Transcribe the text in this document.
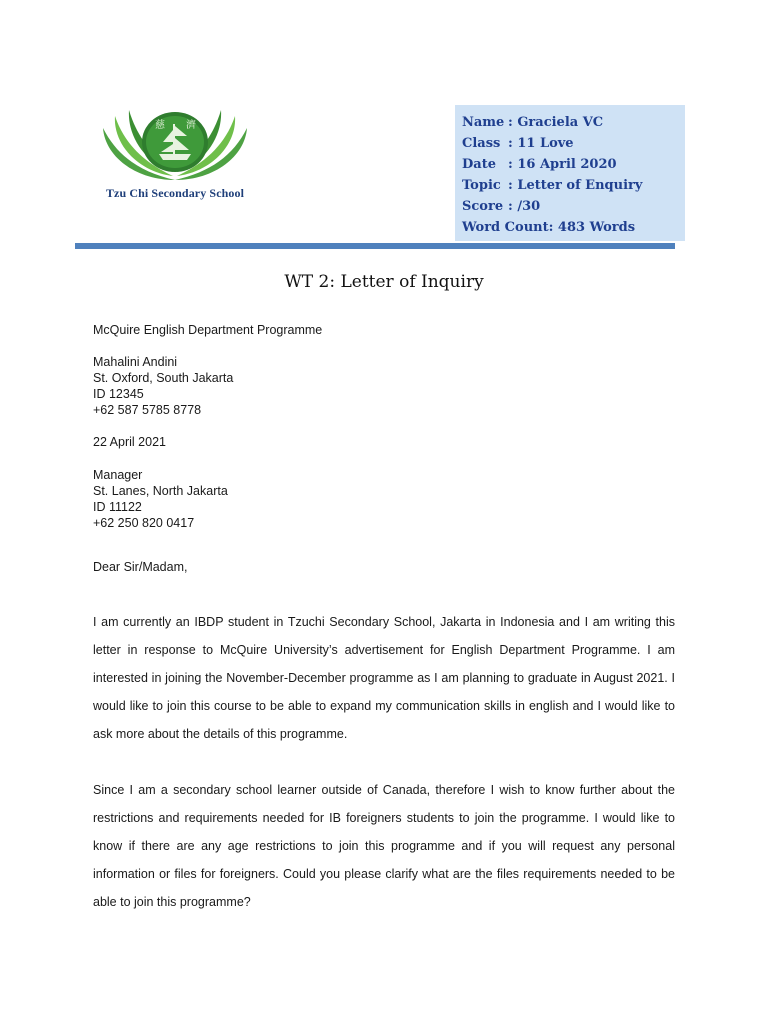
慈 濟
Tzu Chi Secondary School
Name : Graciela VC
Class : 11 Love
Date : 16 April 2020
Topic : Letter of Enquiry
Score : /30
Word Count: 483 Words
WT 2: Letter of Inquiry
McQuire English Department Programme
Mahalini Andini
St. Oxford, South Jakarta
ID 12345
+62 587 5785 8778
22 April 2021
Manager
St. Lanes, North Jakarta
ID 11122
+62 250 820 0417
Dear Sir/Madam,
I am currently an IBDP student in Tzuchi Secondary School, Jakarta in Indonesia and I am writing this letter in response to McQuire University’s advertisement for English Department Programme. I am interested in joining the November-December programme as I am planning to graduate in August 2021. I would like to join this course to be able to expand my communication skills in english and I would like to ask more about the details of this programme.
Since I am a secondary school learner outside of Canada, therefore I wish to know further about the restrictions and requirements needed for IB foreigners students to join the programme. I would like to know if there are any age restrictions to join this programme and if you will request any personal information or files for foreigners. Could you please clarify what are the files requirements needed to be able to join this programme?
